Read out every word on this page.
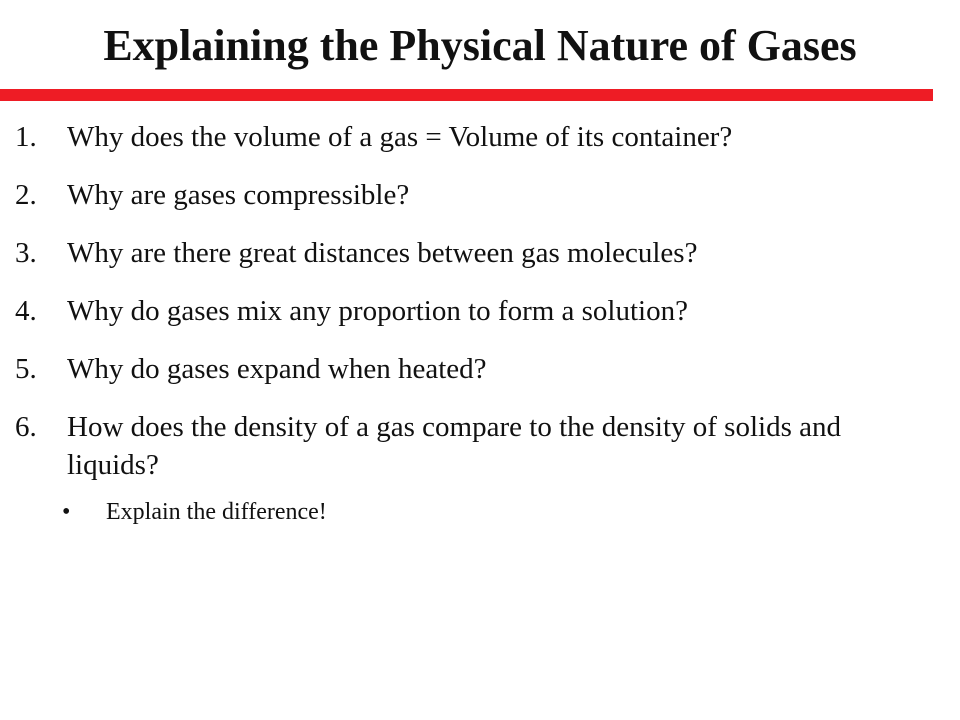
Explaining the Physical Nature of Gases
1. Why does the volume of a gas = Volume of its container?
2. Why are gases compressible?
3. Why are there great distances between gas molecules?
4. Why do gases mix any proportion to form a solution?
5. Why do gases expand when heated?
6. How does the density of a gas compare to the density of solids and liquids?
• Explain the difference!
